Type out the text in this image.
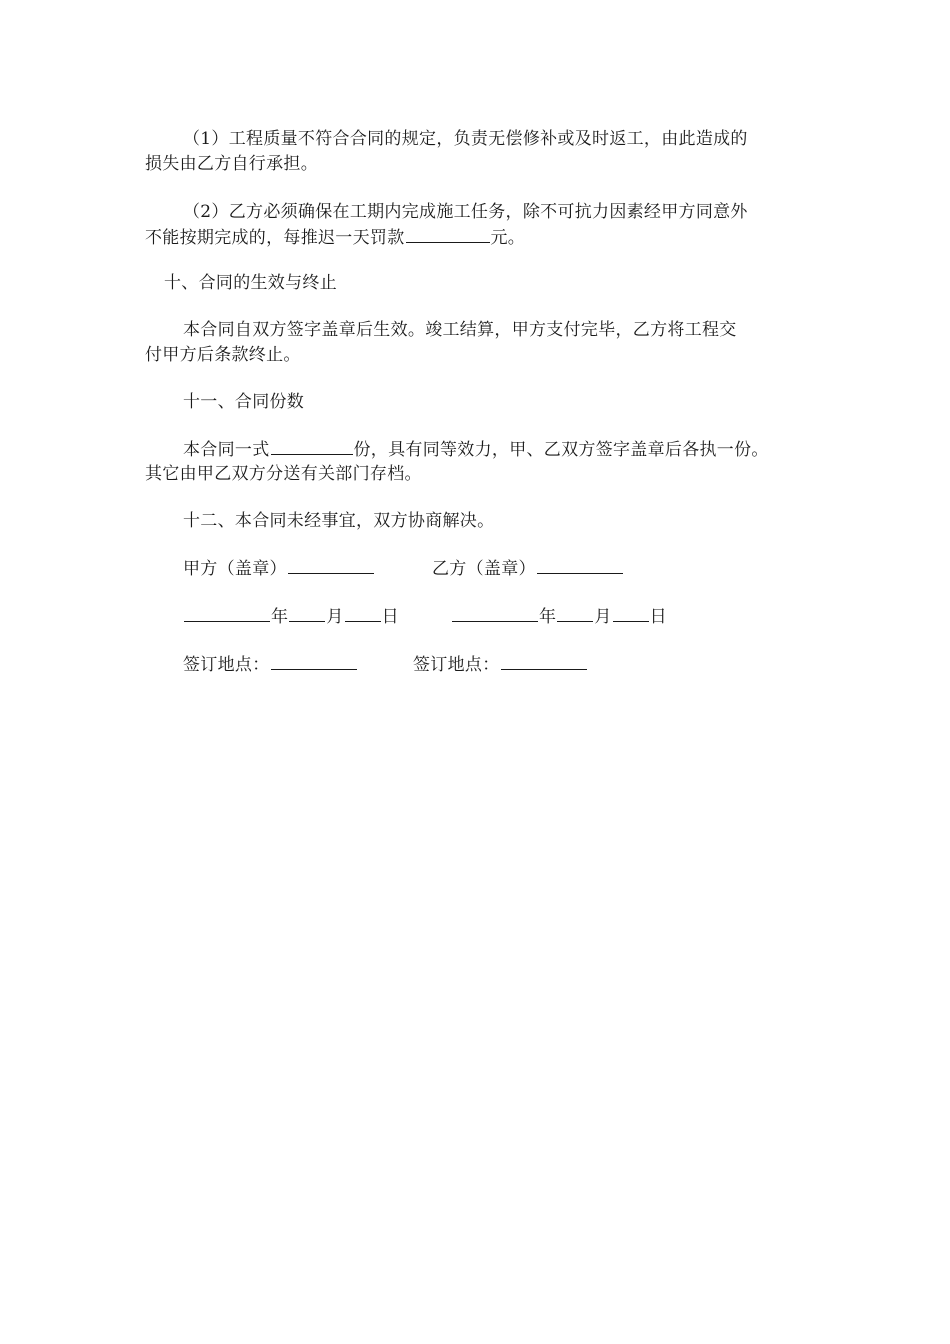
（1）工程质量不符合合同的规定，负责无偿修补或及时返工，由此造成的
损失由乙方自行承担。
（2）乙方必须确保在工期内完成施工任务，除不可抗力因素经甲方同意外
不能按期完成的，每推迟一天罚款	元。
十、合同的生效与终止
本合同自双方签字盖章后生效。竣工结算，甲方支付完毕，乙方将工程交
付甲方后条款终止。
十一、合同份数
本合同一式	份，具有同等效力，甲、乙双方签字盖章后各执一份。
其它由甲乙双方分送有关部门存档。
十二、本合同未经事宜，双方协商解决。
甲方（盖章）	乙方（盖章）
年 月 日	年 月 日
签订地点：	签订地点：
